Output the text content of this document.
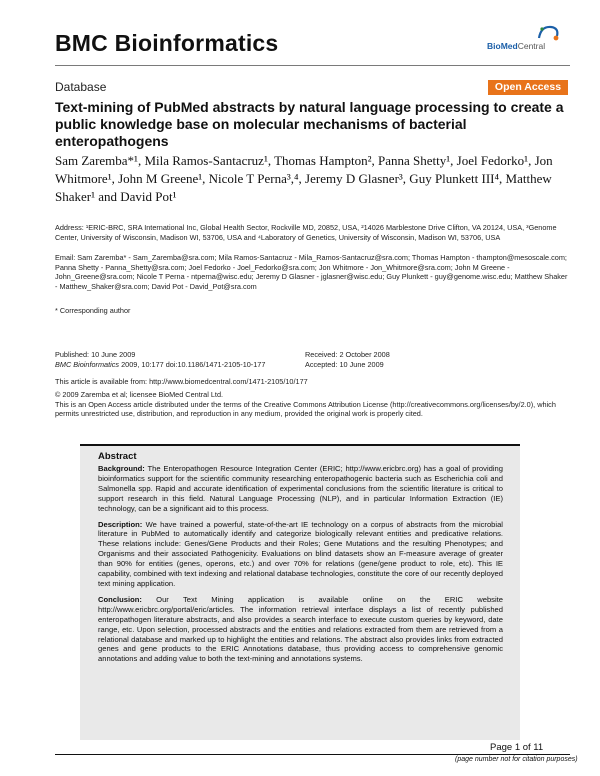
BMC Bioinformatics	BioMedCentral
Database	Open Access
Text-mining of PubMed abstracts by natural language processing to create a public knowledge base on molecular mechanisms of bacterial enteropathogens
Sam Zaremba*¹, Mila Ramos-Santacruz¹, Thomas Hampton², Panna Shetty¹, Joel Fedorko¹, Jon Whitmore¹, John M Greene¹, Nicole T Perna³,⁴, Jeremy D Glasner³, Guy Plunkett III⁴, Matthew Shaker¹ and David Pot¹
Address: ¹ERIC-BRC, SRA International Inc, Global Health Sector, Rockville MD, 20852, USA, ²14026 Marblestone Drive Clifton, VA 20124, USA, ³Genome Center, University of Wisconsin, Madison WI, 53706, USA and ⁴Laboratory of Genetics, University of Wisconsin, Madison WI, 53706, USA
Email: Sam Zaremba* - Sam_Zaremba@sra.com; Mila Ramos-Santacruz - Mila_Ramos-Santacruz@sra.com; Thomas Hampton - thampton@mesoscale.com; Panna Shetty - Panna_Shetty@sra.com; Joel Fedorko - Joel_Fedorko@sra.com; Jon Whitmore - Jon_Whitmore@sra.com; John M Greene - John_Greene@sra.com; Nicole T Perna - ntperna@wisc.edu; Jeremy D Glasner - jglasner@wisc.edu; Guy Plunkett - guy@genome.wisc.edu; Matthew Shaker - Matthew_Shaker@sra.com; David Pot - David_Pot@sra.com
* Corresponding author
Published: 10 June 2009
BMC Bioinformatics 2009, 10:177 doi:10.1186/1471-2105-10-177
Received: 2 October 2008
Accepted: 10 June 2009
This article is available from: http://www.biomedcentral.com/1471-2105/10/177
© 2009 Zaremba et al; licensee BioMed Central Ltd.
This is an Open Access article distributed under the terms of the Creative Commons Attribution License (http://creativecommons.org/licenses/by/2.0), which permits unrestricted use, distribution, and reproduction in any medium, provided the original work is properly cited.
Abstract

Background: The Enteropathogen Resource Integration Center (ERIC; http://www.ericbrc.org) has a goal of providing bioinformatics support for the scientific community researching enteropathogenic bacteria such as Escherichia coli and Salmonella spp. Rapid and accurate identification of experimental conclusions from the scientific literature is critical to support research in this field. Natural Language Processing (NLP), and in particular Information Extraction (IE) technology, can be a significant aid to this process.

Description: We have trained a powerful, state-of-the-art IE technology on a corpus of abstracts from the microbial literature in PubMed to automatically identify and categorize biologically relevant entities and predicative relations. These relations include: Genes/Gene Products and their Roles; Gene Mutations and the resulting Phenotypes; and Organisms and their associated Pathogenicity. Evaluations on blind datasets show an F-measure average of greater than 90% for entities (genes, operons, etc.) and over 70% for relations (gene/gene product to role, etc). This IE capability, combined with text indexing and relational database technologies, constitute the core of our recently deployed text mining application.

Conclusion: Our Text Mining application is available online on the ERIC website http://www.ericbrc.org/portal/eric/articles. The information retrieval interface displays a list of recently published enteropathogen literature abstracts, and also provides a search interface to execute custom queries by keyword, date range, etc. Upon selection, processed abstracts and the entities and relations extracted from them are retrieved from a relational database and marked up to highlight the entities and relations. The abstract also provides links from extracted genes and gene products to the ERIC Annotations database, thus providing access to comprehensive genomic annotations and adding value to both the text-mining and annotations systems.

Page 1 of 11
(page number not for citation purposes)
